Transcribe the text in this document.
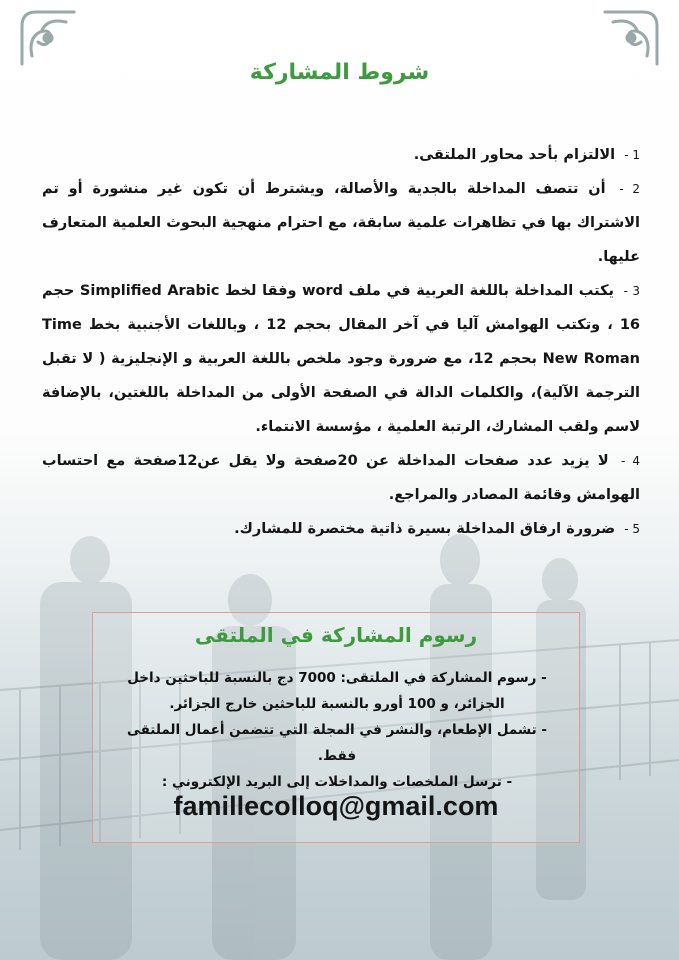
شروط المشاركة
1 - الالتزام بأحد محاور الملتقى.
2 - أن تتصف المداخلة بالجدية والأصالة، ويشترط أن تكون غير منشورة أو تم الاشتراك بها في تظاهرات علمية سابقة، مع احترام منهجية البحوث العلمية المتعارف عليها.
3 - يكتب المداخلة باللغة العربية في ملف word وفقا لخط Simplified Arabic حجم 16 ، وتكتب الهوامش آليا في آخر المقال بحجم 12 ، وباللغات الأجنبية بخط Time New Roman بحجم 12، مع ضرورة وجود ملخص باللغة العربية و الإنجليزية ( لا تقبل الترجمة الآلية)، والكلمات الدالة في الصفحة الأولى من المداخلة باللغتين، بالإضافة لاسم ولقب المشارك، الرتبة العلمية ، مؤسسة الانتماء.
4 - لا يزيد عدد صفحات المداخلة عن 20صفحة ولا يقل عن12صفحة مع احتساب الهوامش وقائمة المصادر والمراجع.
5 - ضرورة ارفاق المداخلة بسيرة ذاتية مختصرة للمشارك.
رسوم المشاركة في الملتقى
- رسوم المشاركة في الملتقى: 7000 دج بالنسبة للباحثين داخل الجزائر، و 100 أورو بالنسبة للباحثين خارج الجزائر.
- تشمل الإطعام، والنشر في المجلة التي تتضمن أعمال الملتقى فقط.
- ترسل الملخصات والمداخلات إلى البريد الإلكتروني :
famillecolloq@gmail.com
